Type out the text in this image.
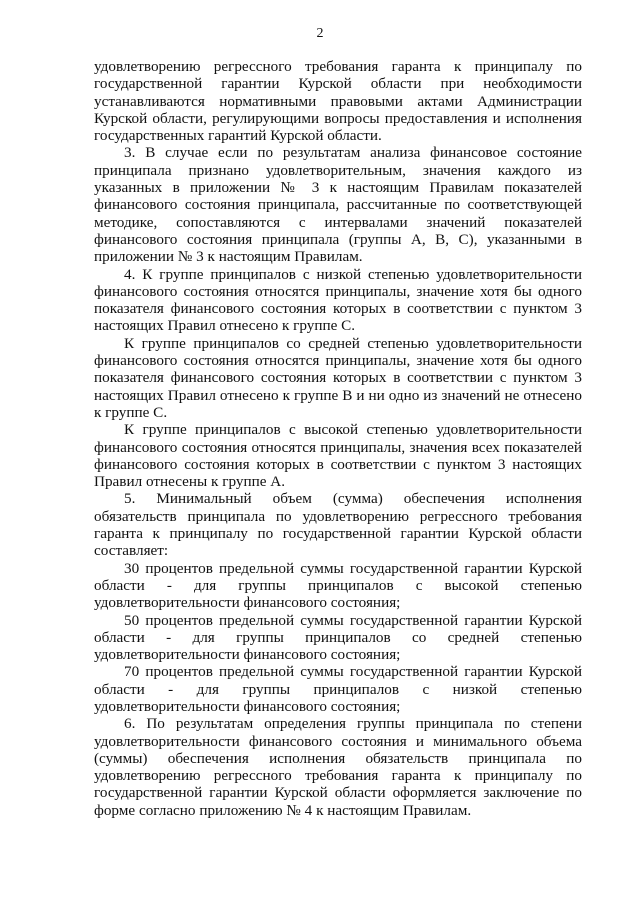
2

удовлетворению регрессного требования гаранта к принципалу по государственной гарантии Курской области при необходимости устанавливаются нормативными правовыми актами Администрации Курской области, регулирующими вопросы предоставления и исполнения государственных гарантий Курской области.

3. В случае если по результатам анализа финансовое состояние принципала признано удовлетворительным, значения каждого из указанных в приложении № 3 к настоящим Правилам показателей финансового состояния принципала, рассчитанные по соответствующей методике, сопоставляются с интервалами значений показателей финансового состояния принципала (группы A, B, C), указанными в приложении № 3 к настоящим Правилам.

4. К группе принципалов с низкой степенью удовлетворительности финансового состояния относятся принципалы, значение хотя бы одного показателя финансового состояния которых в соответствии с пунктом 3 настоящих Правил отнесено к группе C.

К группе принципалов со средней степенью удовлетворительности финансового состояния относятся принципалы, значение хотя бы одного показателя финансового состояния которых в соответствии с пунктом 3 настоящих Правил отнесено к группе B и ни одно из значений не отнесено к группе C.

К группе принципалов с высокой степенью удовлетворительности финансового состояния относятся принципалы, значения всех показателей финансового состояния которых в соответствии с пунктом 3 настоящих Правил отнесены к группе A.

5. Минимальный объем (сумма) обеспечения исполнения обязательств принципала по удовлетворению регрессного требования гаранта к принципалу по государственной гарантии Курской области составляет:

30 процентов предельной суммы государственной гарантии Курской области - для группы принципалов с высокой степенью удовлетворительности финансового состояния;

50 процентов предельной суммы государственной гарантии Курской области - для группы принципалов со средней степенью удовлетворительности финансового состояния;

70 процентов предельной суммы государственной гарантии Курской области - для группы принципалов с низкой степенью удовлетворительности финансового состояния;

6. По результатам определения группы принципала по степени удовлетворительности финансового состояния и минимального объема (суммы) обеспечения исполнения обязательств принципала по удовлетворению регрессного требования гаранта к принципалу по государственной гарантии Курской области оформляется заключение по форме согласно приложению № 4 к настоящим Правилам.
